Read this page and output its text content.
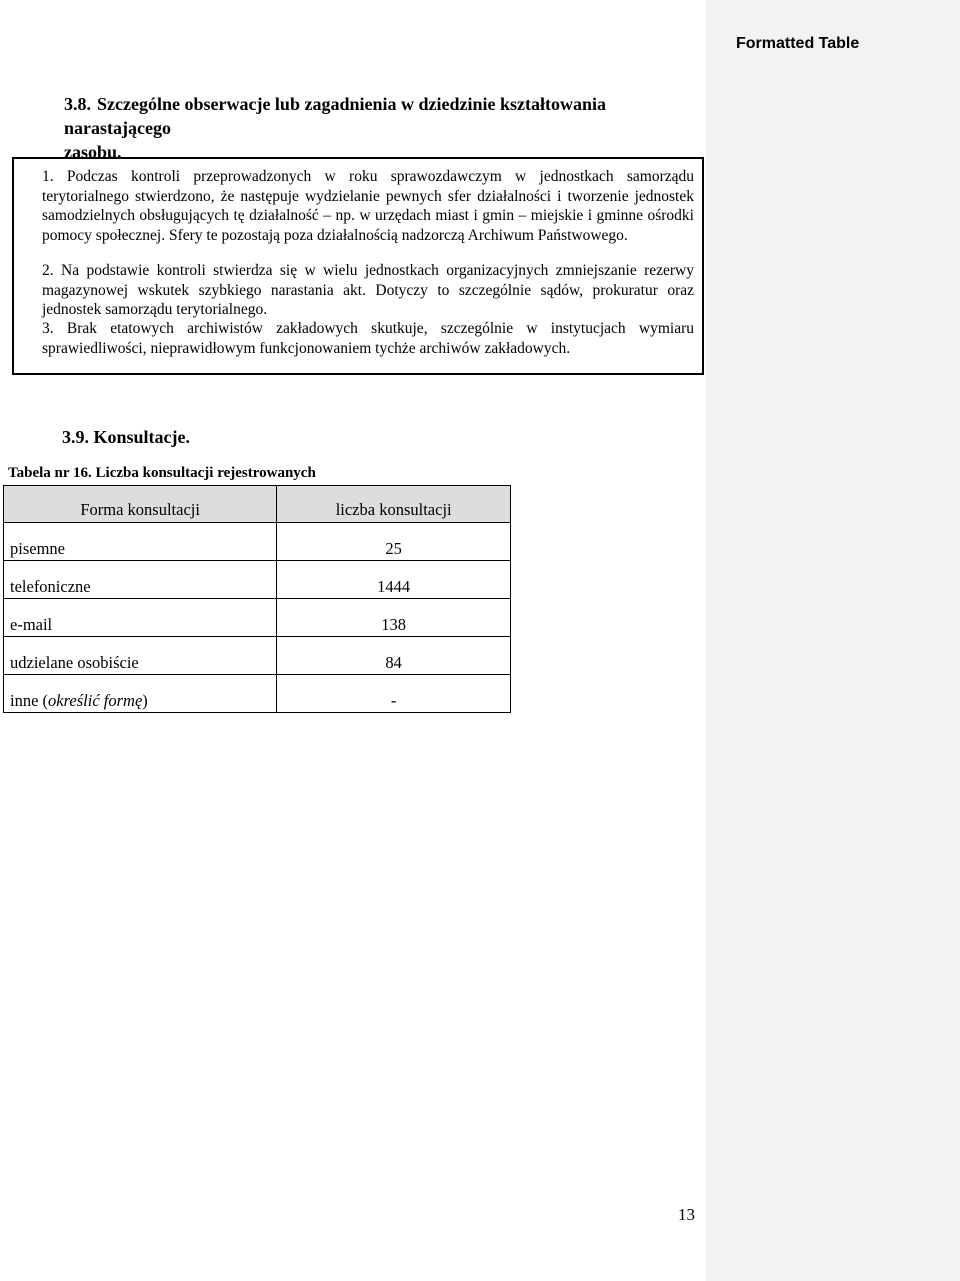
Formatted Table
3.8. Szczególne obserwacje lub zagadnienia w dziedzinie kształtowania narastającego
zasobu.

1. Podczas kontroli przeprowadzonych w roku sprawozdawczym w jednostkach samorządu terytorialnego stwierdzono, że następuje wydzielanie pewnych sfer działalności i tworzenie jednostek samodzielnych obsługujących tę działalność – np. w urzędach miast i gmin – miejskie i gminne ośrodki pomocy społecznej. Sfery te pozostają poza działalnością nadzorczą Archiwum Państwowego.

2. Na podstawie kontroli stwierdza się w wielu jednostkach organizacyjnych zmniejszanie rezerwy magazynowej wskutek szybkiego narastania akt. Dotyczy to szczególnie sądów, prokuratur oraz jednostek samorządu terytorialnego.

3. Brak etatowych archiwistów zakładowych skutkuje, szczególnie w instytucjach wymiaru sprawiedliwości, nieprawidłowym funkcjonowaniem tychże archiwów zakładowych.

3.9. Konsultacje.
Tabela nr 16. Liczba konsultacji rejestrowanych
Forma konsultacji	liczba konsultacji
pisemne	25
telefoniczne	1444
e-mail	138
udzielane osobiście	84
inne (określić formę)	-
13
